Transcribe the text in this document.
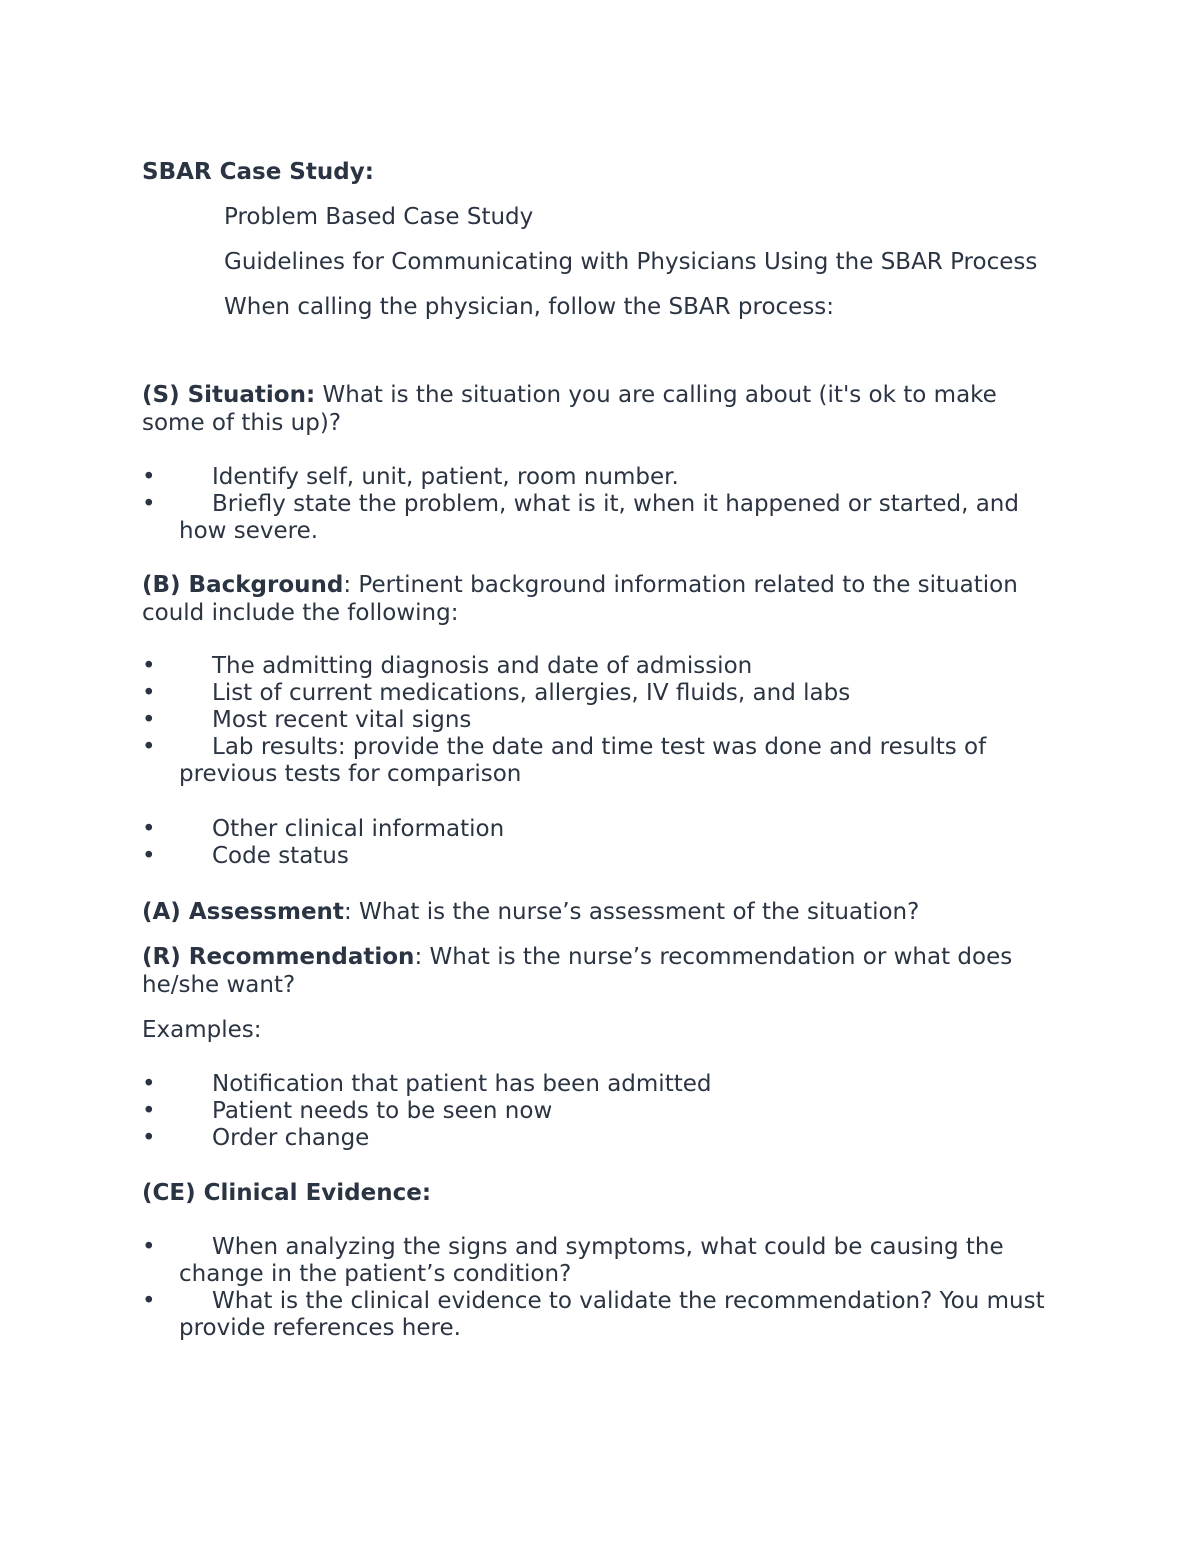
SBAR Case Study:

Problem Based Case Study

Guidelines for Communicating with Physicians Using the SBAR Process

When calling the physician, follow the SBAR process:

(S) Situation: What is the situation you are calling about (it's ok to make some of this up)?

• Identify self, unit, patient, room number.
• Briefly state the problem, what is it, when it happened or started, and how severe.

(B) Background: Pertinent background information related to the situation could include the following:

• The admitting diagnosis and date of admission
• List of current medications, allergies, IV fluids, and labs
• Most recent vital signs
• Lab results: provide the date and time test was done and results of previous tests for comparison
• Other clinical information
• Code status

(A) Assessment: What is the nurse’s assessment of the situation?

(R) Recommendation: What is the nurse’s recommendation or what does he/she want?

Examples:

• Notification that patient has been admitted
• Patient needs to be seen now
• Order change

(CE) Clinical Evidence:

• When analyzing the signs and symptoms, what could be causing the change in the patient’s condition?
• What is the clinical evidence to validate the recommendation? You must provide references here.
